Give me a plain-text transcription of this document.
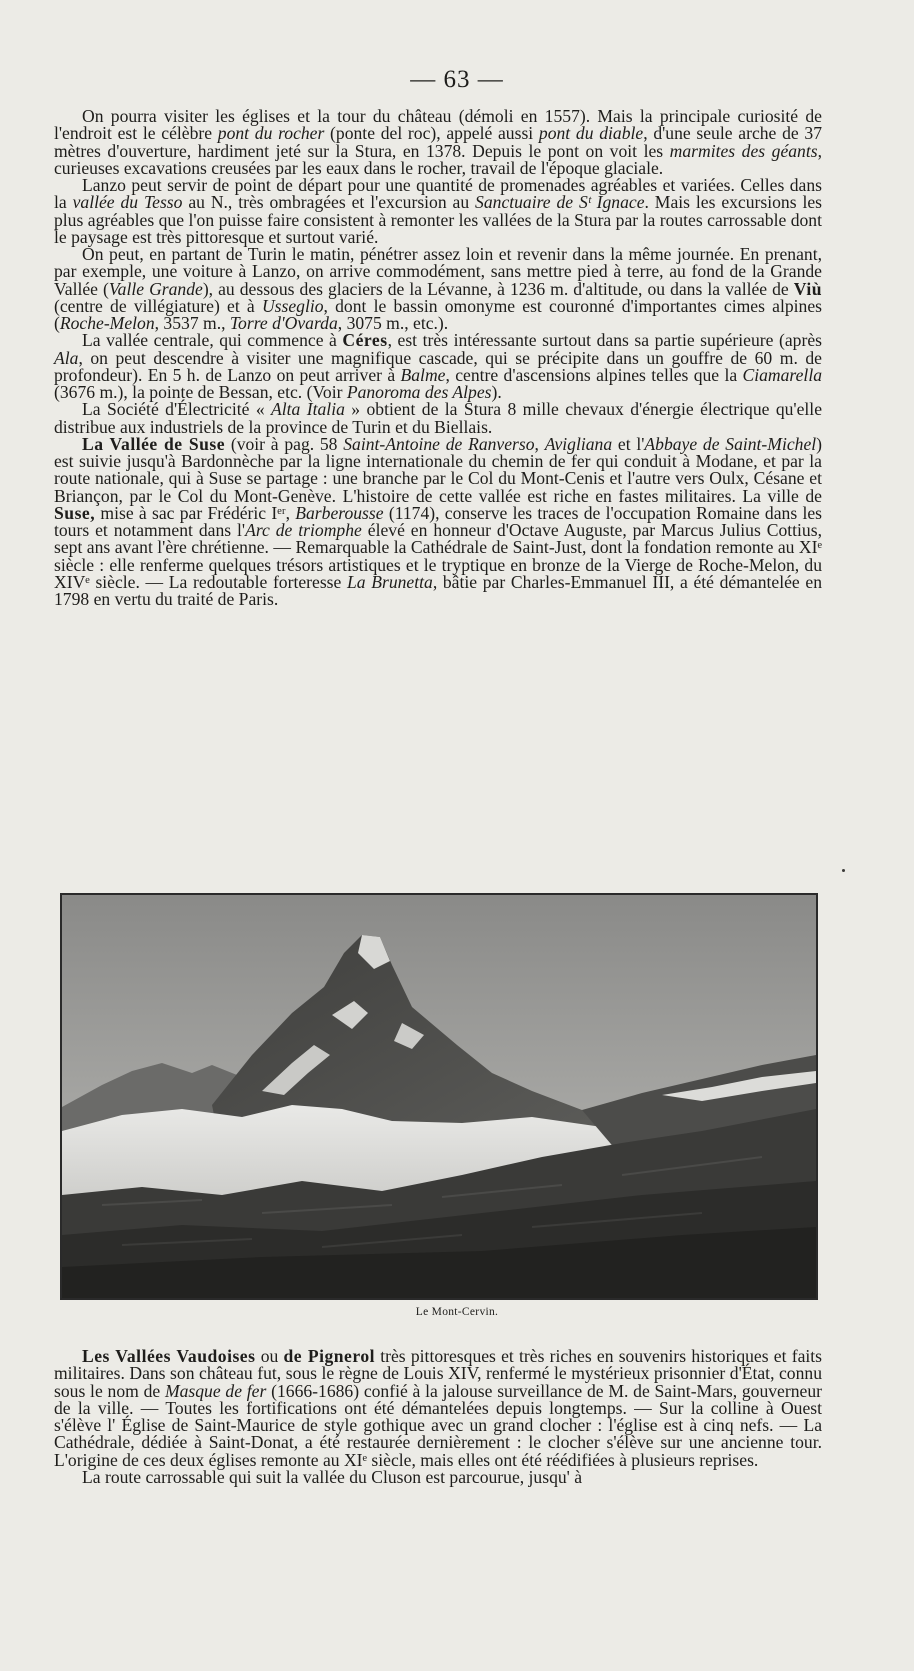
— 63 —

On pourra visiter les églises et la tour du château (démoli en 1557). Mais la principale curiosité de l'endroit est le célèbre pont du rocher (ponte del roc), appelé aussi pont du diable, d'une seule arche de 37 mètres d'ouverture, hardiment jeté sur la Stura, en 1378. Depuis le pont on voit les marmites des géants, curieuses excavations creusées par les eaux dans le rocher, travail de l'époque glaciale.

Lanzo peut servir de point de départ pour une quantité de promenades agréables et variées. Celles dans la vallée du Tesso au N., très ombragées et l'excursion au Sanctuaire de Sᵗ Ignace. Mais les excursions les plus agréables que l'on puisse faire consistent à remonter les vallées de la Stura par la routes carrossable dont le paysage est très pittoresque et surtout varié.

On peut, en partant de Turin le matin, pénétrer assez loin et revenir dans la même journée. En prenant, par exemple, une voiture à Lanzo, on arrive commodément, sans mettre pied à terre, au fond de la Grande Vallée (Valle Grande), au dessous des glaciers de la Lévanne, à 1236 m. d'altitude, ou dans la vallée de Viù (centre de villégiature) et à Usseglio, dont le bassin omonyme est couronné d'importantes cimes alpines (Roche-Melon, 3537 m., Torre d'Ovarda, 3075 m., etc.).

La vallée centrale, qui commence à Céres, est très intéressante surtout dans sa partie supérieure (après Ala, on peut descendre à visiter une magnifique cascade, qui se précipite dans un gouffre de 60 m. de profondeur). En 5 h. de Lanzo on peut arriver à Balme, centre d'ascensions alpines telles que la Ciamarella (3676 m.), la pointe de Bessan, etc. (Voir Panoroma des Alpes).

La Société d'Électricité « Alta Italia » obtient de la Stura 8 mille chevaux d'énergie électrique qu'elle distribue aux industriels de la province de Turin et du Biellais.

La Vallée de Suse (voir à pag. 58 Saint-Antoine de Ranverso, Avigliana et l'Abbaye de Saint-Michel) est suivie jusqu'à Bardonnèche par la ligne internationale du chemin de fer qui conduit à Modane, et par la route nationale, qui à Suse se partage : une branche par le Col du Mont-Cenis et l'autre vers Oulx, Césane et Briançon, par le Col du Mont-Genève. L'histoire de cette vallée est riche en fastes militaires. La ville de Suse, mise à sac par Frédéric Iᵉʳ, Barberousse (1174), conserve les traces de l'occupation Romaine dans les tours et notamment dans l'Arc de triomphe élevé en honneur d'Octave Auguste, par Marcus Julius Cottius, sept ans avant l'ère chrétienne. — Remarquable la Cathédrale de Saint-Just, dont la fondation remonte au XIᵉ siècle : elle renferme quelques trésors artistiques et le tryptique en bronze de la Vierge de Roche-Melon, du XIVᵉ siècle. — La redoutable forteresse La Brunetta, bâtie par Charles-Emmanuel III, a été démantelée en 1798 en vertu du traité de Paris.

Le Mont-Cervin.

Les Vallées Vaudoises ou de Pignerol très pittoresques et très riches en souvenirs historiques et faits militaires. Dans son château fut, sous le règne de Louis XIV, renfermé le mystérieux prisonnier d'État, connu sous le nom de Masque de fer (1666-1686) confié à la jalouse surveillance de M. de Saint-Mars, gouverneur de la ville. — Toutes les fortifications ont été démantelées depuis longtemps. — Sur la colline à Ouest s'élève l' Église de Saint-Maurice de style gothique avec un grand clocher : l'église est à cinq nefs. — La Cathédrale, dédiée à Saint-Donat, a été restaurée dernièrement : le clocher s'élève sur une ancienne tour. L'origine de ces deux églises remonte au XIᵉ siècle, mais elles ont été réédifiées à plusieurs reprises.

La route carrossable qui suit la vallée du Cluson est parcourue, jusqu' à
